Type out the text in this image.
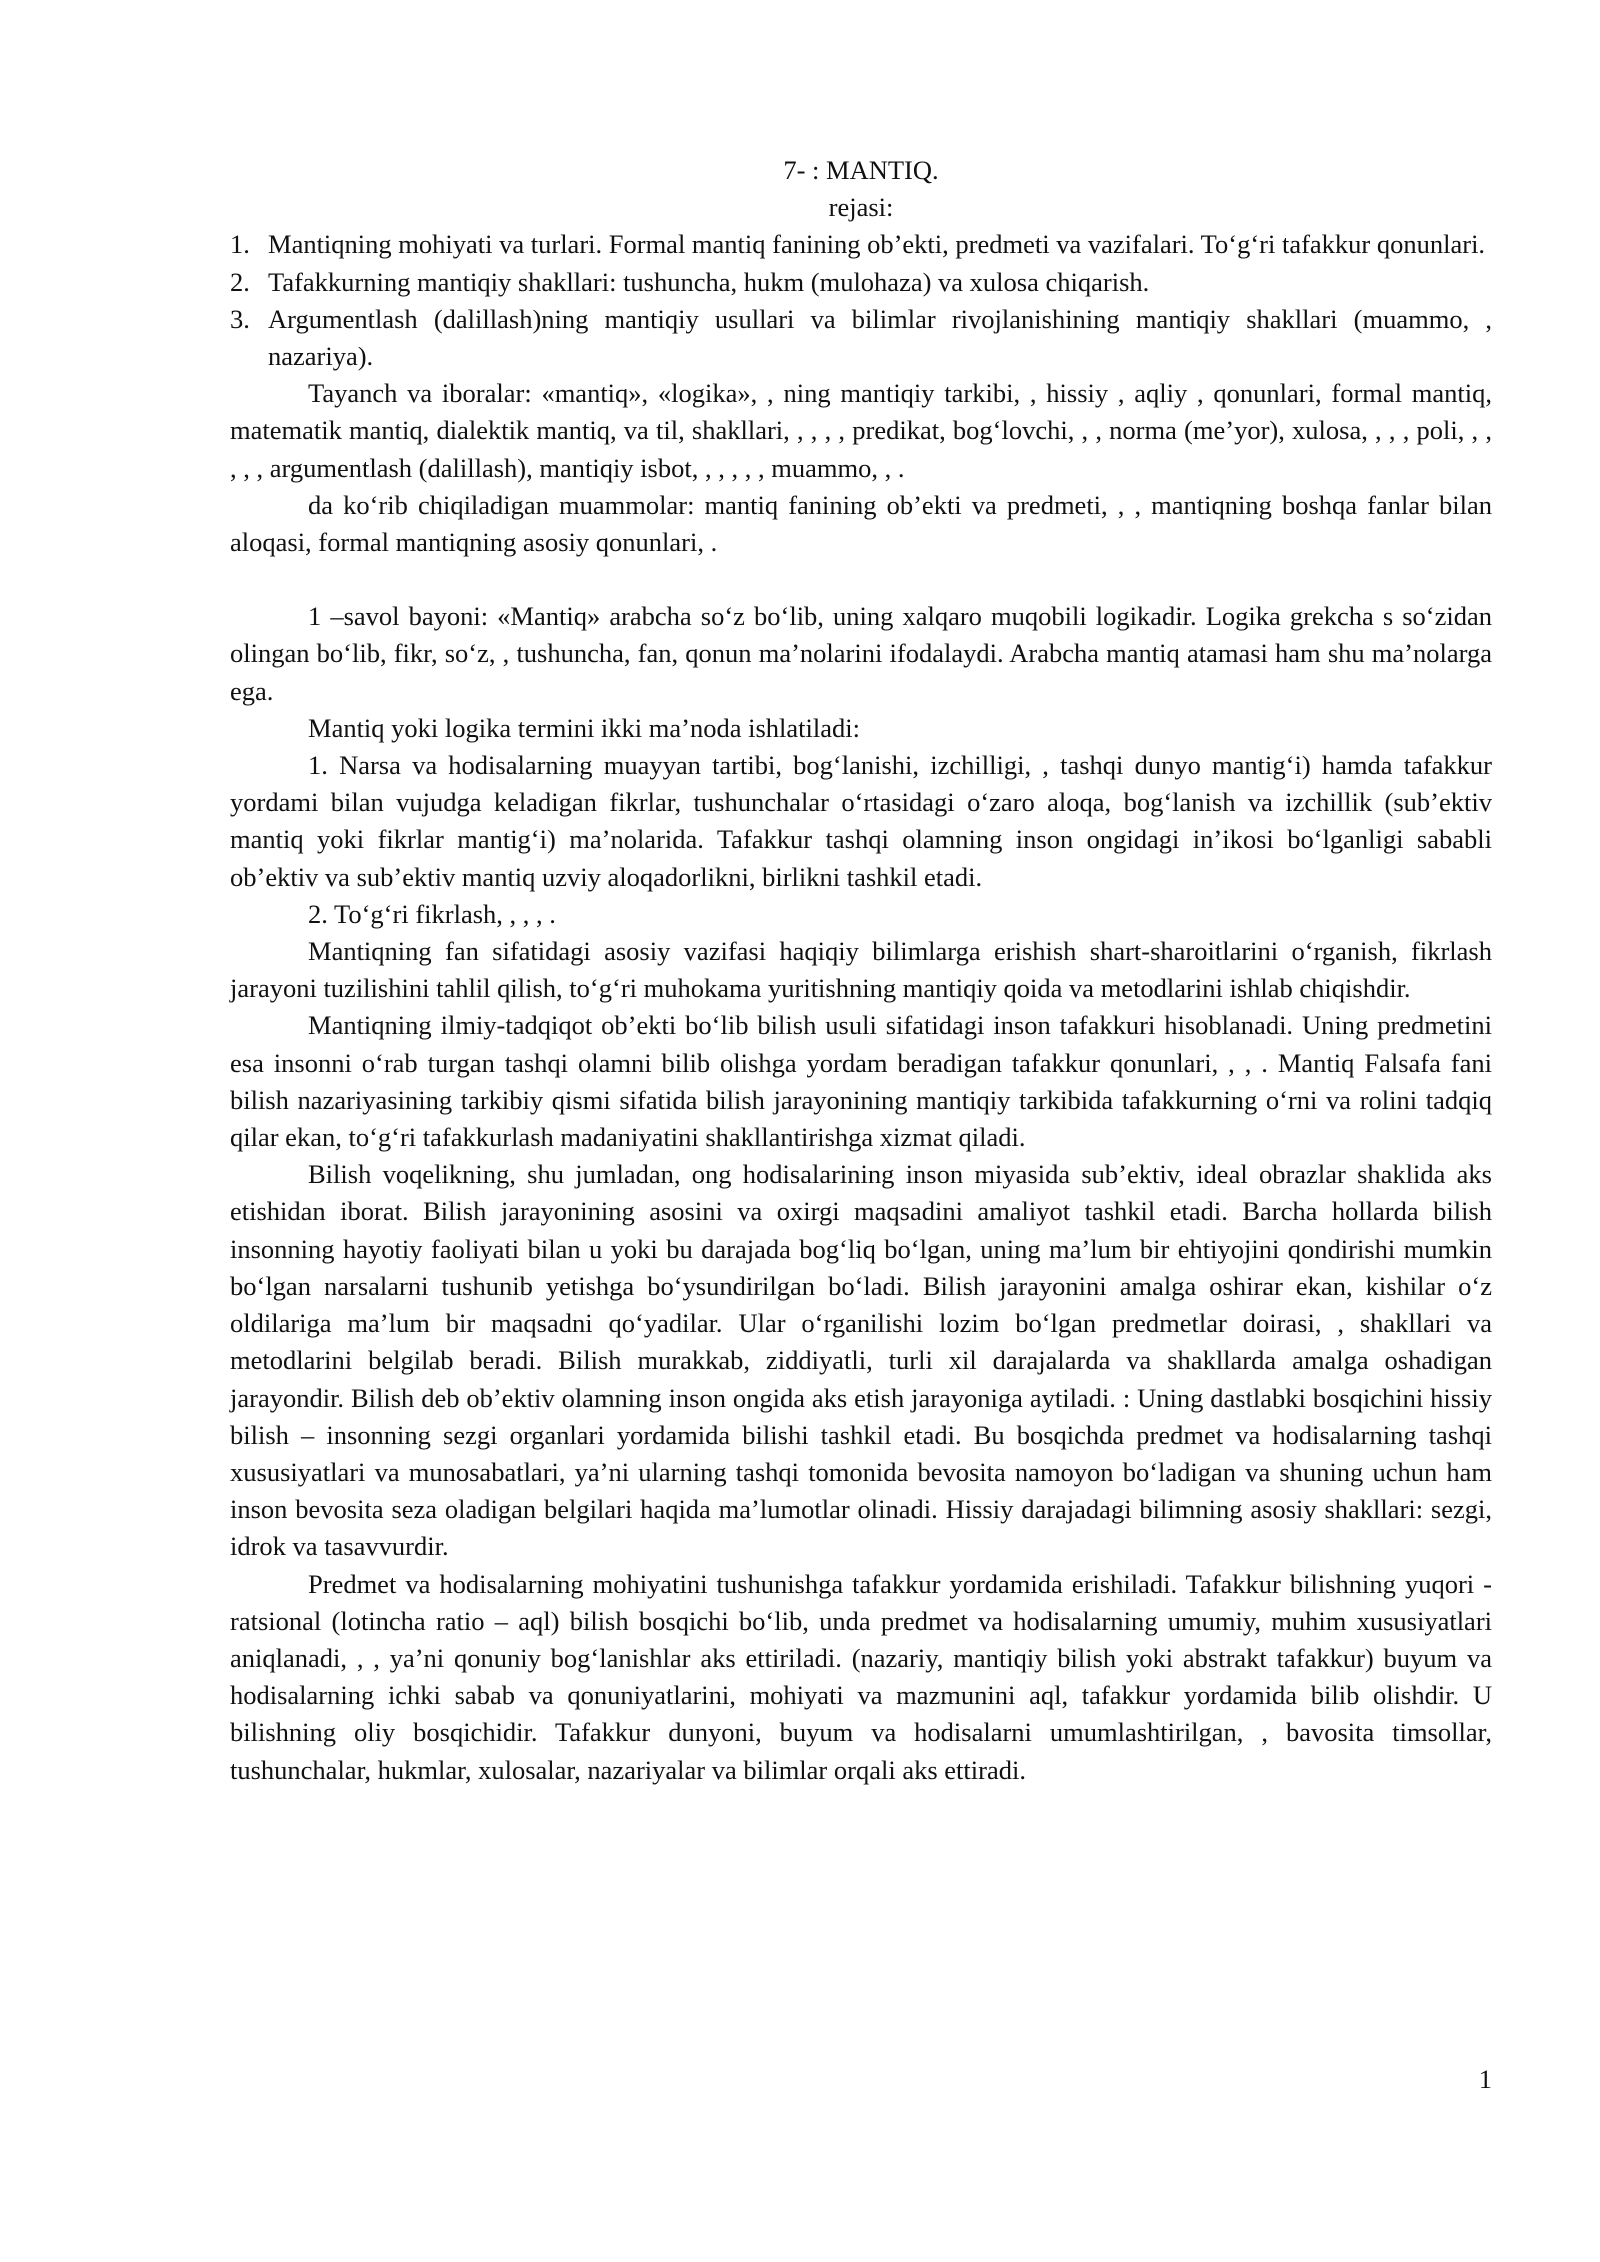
7- : MANTIQ.
rejasi:
1. Mantiqning mohiyati va turlari. Formal mantiq fanining ob’ekti, predmeti va vazifalari. To‘g‘ri tafakkur qonunlari.
2. Tafakkurning mantiqiy shakllari: tushuncha, hukm (mulohaza) va xulosa chiqarish.
3. Argumentlash (dalillash)ning mantiqiy usullari va bilimlar rivojlanishining mantiqiy shakllari (muammo, , nazariya).

Tayanch va iboralar: «mantiq», «logika», , ning mantiqiy tarkibi, , hissiy , aqliy , qonunlari, formal mantiq, matematik mantiq, dialektik mantiq, va til, shakllari, , , , , predikat, bog‘lovchi, , , norma (me’yor), xulosa, , , , poli, , , , , , argumentlash (dalillash), mantiqiy isbot, , , , , , muammo, , .

da ko‘rib chiqiladigan muammolar: mantiq fanining ob’ekti va predmeti, , , mantiqning boshqa fanlar bilan aloqasi, formal mantiqning asosiy qonunlari, .

1 –savol bayoni: «Mantiq» arabcha so‘z bo‘lib, uning xalqaro muqobili logikadir. Logika grekcha s so‘zidan olingan bo‘lib, fikr, so‘z, , tushuncha, fan, qonun ma’nolarini ifodalaydi. Arabcha mantiq atamasi ham shu ma’nolarga ega.

Mantiq yoki logika termini ikki ma’noda ishlatiladi:

1. Narsa va hodisalarning muayyan tartibi, bog‘lanishi, izchilligi, , tashqi dunyo mantig‘i) hamda tafakkur yordami bilan vujudga keladigan fikrlar, tushunchalar o‘rtasidagi o‘zaro aloqa, bog‘lanish va izchillik (sub’ektiv mantiq yoki fikrlar mantig‘i) ma’nolarida. Tafakkur tashqi olamning inson ongidagi in’ikosi bo‘lganligi sababli ob’ektiv va sub’ektiv mantiq uzviy aloqadorlikni, birlikni tashkil etadi.

2. To‘g‘ri fikrlash, , , , .

Mantiqning fan sifatidagi asosiy vazifasi haqiqiy bilimlarga erishish shart-sharoitlarini o‘rganish, fikrlash jarayoni tuzilishini tahlil qilish, to‘g‘ri muhokama yuritishning mantiqiy qoida va metodlarini ishlab chiqishdir.

Mantiqning ilmiy-tadqiqot ob’ekti bo‘lib bilish usuli sifatidagi inson tafakkuri hisoblanadi. Uning predmetini esa insonni o‘rab turgan tashqi olamni bilib olishga yordam beradigan tafakkur qonunlari, , , . Mantiq Falsafa fani bilish nazariyasining tarkibiy qismi sifatida bilish jarayonining mantiqiy tarkibida tafakkurning o‘rni va rolini tadqiq qilar ekan, to‘g‘ri tafakkurlash madaniyatini shakllantirishga xizmat qiladi.

Bilish voqelikning, shu jumladan, ong hodisalarining inson miyasida sub’ektiv, ideal obrazlar shaklida aks etishidan iborat. Bilish jarayonining asosini va oxirgi maqsadini amaliyot tashkil etadi. Barcha hollarda bilish insonning hayotiy faoliyati bilan u yoki bu darajada bog‘liq bo‘lgan, uning ma’lum bir ehtiyojini qondirishi mumkin bo‘lgan narsalarni tushunib yetishga bo‘ysundirilgan bo‘ladi. Bilish jarayonini amalga oshirar ekan, kishilar o‘z oldilariga ma’lum bir maqsadni qo‘yadilar. Ular o‘rganilishi lozim bo‘lgan predmetlar doirasi, , shakllari va metodlarini belgilab beradi. Bilish murakkab, ziddiyatli, turli xil darajalarda va shakllarda amalga oshadigan jarayondir. Bilish deb ob’ektiv olamning inson ongida aks etish jarayoniga aytiladi. : Uning dastlabki bosqichini hissiy bilish – insonning sezgi organlari yordamida bilishi tashkil etadi. Bu bosqichda predmet va hodisalarning tashqi xususiyatlari va munosabatlari, ya’ni ularning tashqi tomonida bevosita namoyon bo‘ladigan va shuning uchun ham inson bevosita seza oladigan belgilari haqida ma’lumotlar olinadi. Hissiy darajadagi bilimning asosiy shakllari: sezgi, idrok va tasavvurdir.

Predmet va hodisalarning mohiyatini tushunishga tafakkur yordamida erishiladi. Tafakkur bilishning yuqori - ratsional (lotincha ratio – aql) bilish bosqichi bo‘lib, unda predmet va hodisalarning umumiy, muhim xususiyatlari aniqlanadi, , , ya’ni qonuniy bog‘lanishlar aks ettiriladi. (nazariy, mantiqiy bilish yoki abstrakt tafakkur) buyum va hodisalarning ichki sabab va qonuniyatlarini, mohiyati va mazmunini aql, tafakkur yordamida bilib olishdir. U bilishning oliy bosqichidir. Tafakkur dunyoni, buyum va hodisalarni umumlashtirilgan, , bavosita timsollar, tushunchalar, hukmlar, xulosalar, nazariyalar va bilimlar orqali aks ettiradi.

1
